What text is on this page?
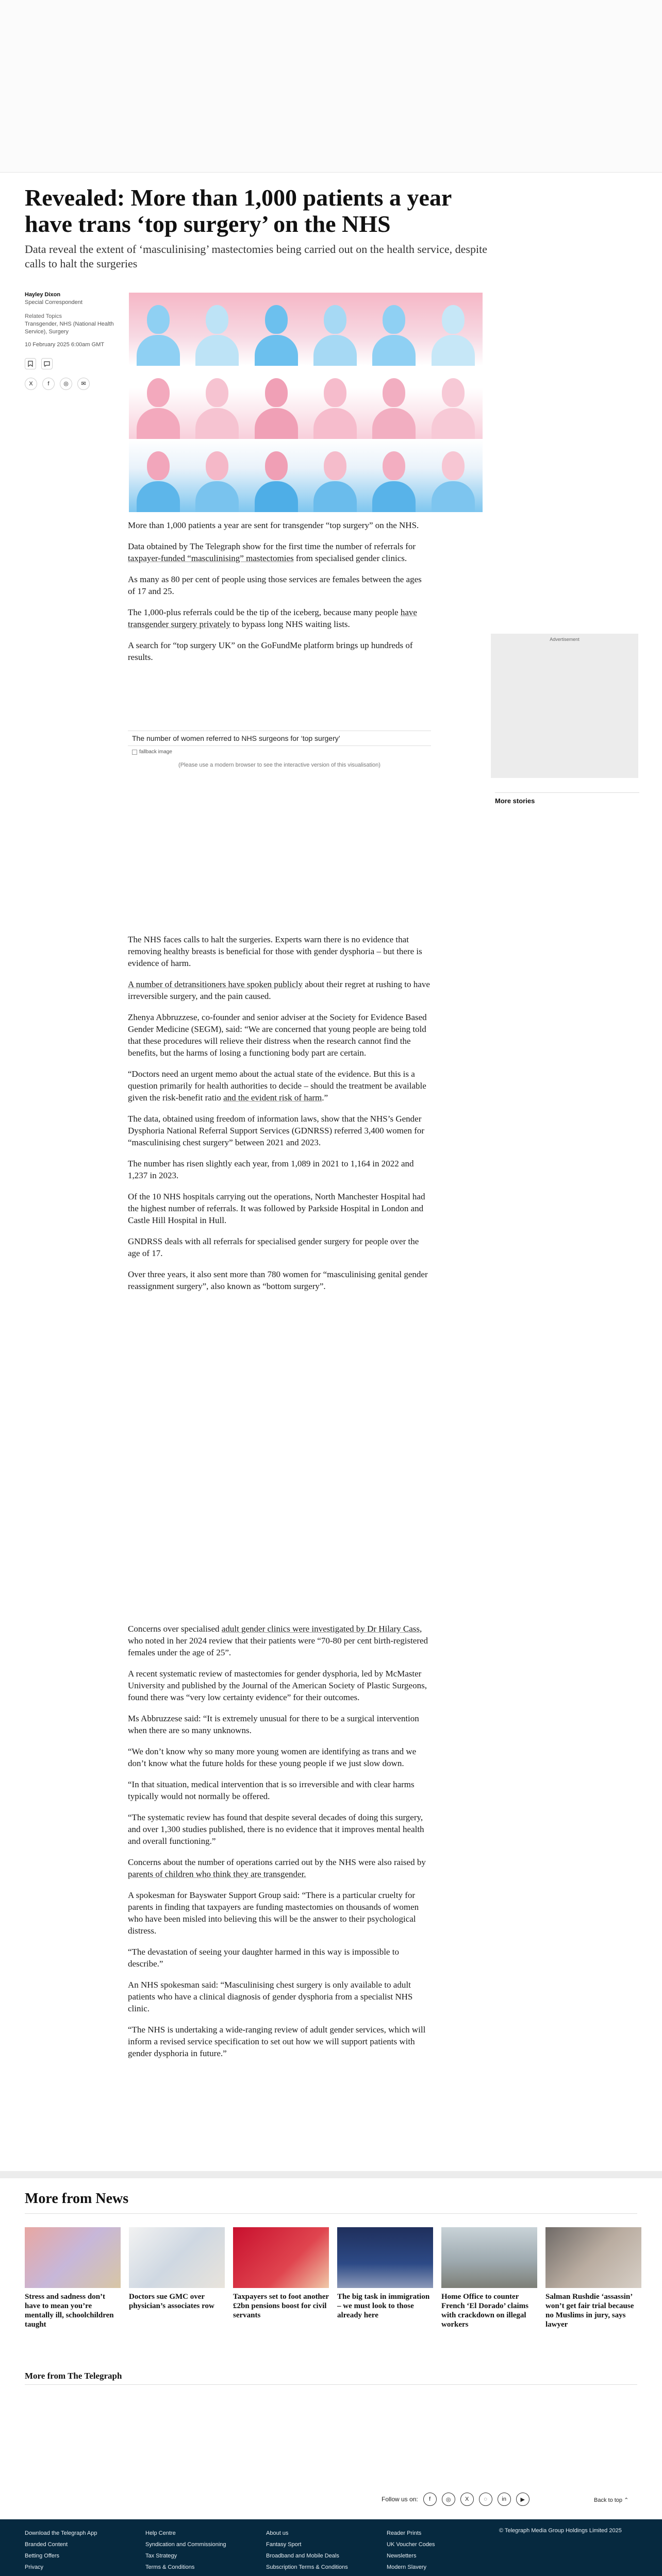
Revealed: More than 1,000 patients a year have trans ‘top surgery’ on the NHS

Data reveal the extent of ‘masculinising’ mastectomies being carried out on the health service, despite calls to halt the surgeries

Hayley Dixon
Special Correspondent
Related Topics
Transgender, NHS (National Health Service), Surgery
10 February 2025 6:00am GMT
X	f	◎	✉

More than 1,000 patients a year are sent for transgender “top surgery” on the NHS.

Data obtained by The Telegraph show for the first time the number of referrals for taxpayer-funded “masculinising” mastectomies from specialised gender clinics.

As many as 80 per cent of people using those services are females between the ages of 17 and 25.

The 1,000-plus referrals could be the tip of the iceberg, because many people have transgender surgery privately to bypass long NHS waiting lists.

A search for “top surgery UK” on the GoFundMe platform brings up hundreds of results.

The number of women referred to NHS surgeons for ‘top surgery’
fallback image
(Please use a modern browser to see the interactive version of this visualisation)
Advertisement
More stories

The NHS faces calls to halt the surgeries. Experts warn there is no evidence that removing healthy breasts is beneficial for those with gender dysphoria – but there is evidence of harm.

A number of detransitioners have spoken publicly about their regret at rushing to have irreversible surgery, and the pain caused.

Zhenya Abbruzzese, co-founder and senior adviser at the Society for Evidence Based Gender Medicine (SEGM), said: “We are concerned that young people are being told that these procedures will relieve their distress when the research cannot find the benefits, but the harms of losing a functioning body part are certain.

“Doctors need an urgent memo about the actual state of the evidence. But this is a question primarily for health authorities to decide – should the treatment be available given the risk-benefit ratio and the evident risk of harm.”

The data, obtained using freedom of information laws, show that the NHS’s Gender Dysphoria National Referral Support Services (GDNRSS) referred 3,400 women for “masculinising chest surgery” between 2021 and 2023.

The number has risen slightly each year, from 1,089 in 2021 to 1,164 in 2022 and 1,237 in 2023.

Of the 10 NHS hospitals carrying out the operations, North Manchester Hospital had the highest number of referrals. It was followed by Parkside Hospital in London and Castle Hill Hospital in Hull.

GNDRSS deals with all referrals for specialised gender surgery for people over the age of 17.

Over three years, it also sent more than 780 women for “masculinising genital gender reassignment surgery”, also known as “bottom surgery”.

Concerns over specialised adult gender clinics were investigated by Dr Hilary Cass, who noted in her 2024 review that their patients were “70-80 per cent birth-registered females under the age of 25”.

A recent systematic review of mastectomies for gender dysphoria, led by McMaster University and published by the Journal of the American Society of Plastic Surgeons, found there was “very low certainty evidence” for their outcomes.

Ms Abbruzzese said: “It is extremely unusual for there to be a surgical intervention when there are so many unknowns.

“We don’t know why so many more young women are identifying as trans and we don’t know what the future holds for these young people if we just slow down.

“In that situation, medical intervention that is so irreversible and with clear harms typically would not normally be offered.

“The systematic review has found that despite several decades of doing this surgery, and over 1,300 studies published, there is no evidence that it improves mental health and overall functioning.”

Concerns about the number of operations carried out by the NHS were also raised by parents of children who think they are transgender.

A spokesman for Bayswater Support Group said: “There is a particular cruelty for parents in finding that taxpayers are funding mastectomies on thousands of women who have been misled into believing this will be the answer to their psychological distress.

“The devastation of seeing your daughter harmed in this way is impossible to describe.”

An NHS spokesman said: “Masculinising chest surgery is only available to adult patients who have a clinical diagnosis of gender dysphoria from a specialist NHS clinic.

“The NHS is undertaking a wide-ranging review of adult gender services, which will inform a revised service specification to set out how we will support patients with gender dysphoria in future.”

More from News
Stress and sadness don’t have to mean you’re mentally ill, schoolchildren taught
Doctors sue GMC over physician’s associates row
Taxpayers set to foot another £2bn pensions boost for civil servants
The big task in immigration – we must look to those already here
Home Office to counter French ‘El Dorado’ claims with crackdown on illegal workers
Salman Rushdie ‘assassin’ won’t get fair trial because no Muslims in jury, says lawyer
More from The Telegraph
Follow us on:	f	◎	X	◌	in	▶	Back to top ⌃
Download the Telegraph App
Branded Content
Betting Offers
Privacy
Help Centre
Syndication and Commissioning
Tax Strategy
Terms & Conditions
About us
Fantasy Sport
Broadband and Mobile Deals
Subscription Terms & Conditions
Reader Prints
UK Voucher Codes
Newsletters
Modern Slavery
© Telegraph Media Group Holdings Limited 2025
